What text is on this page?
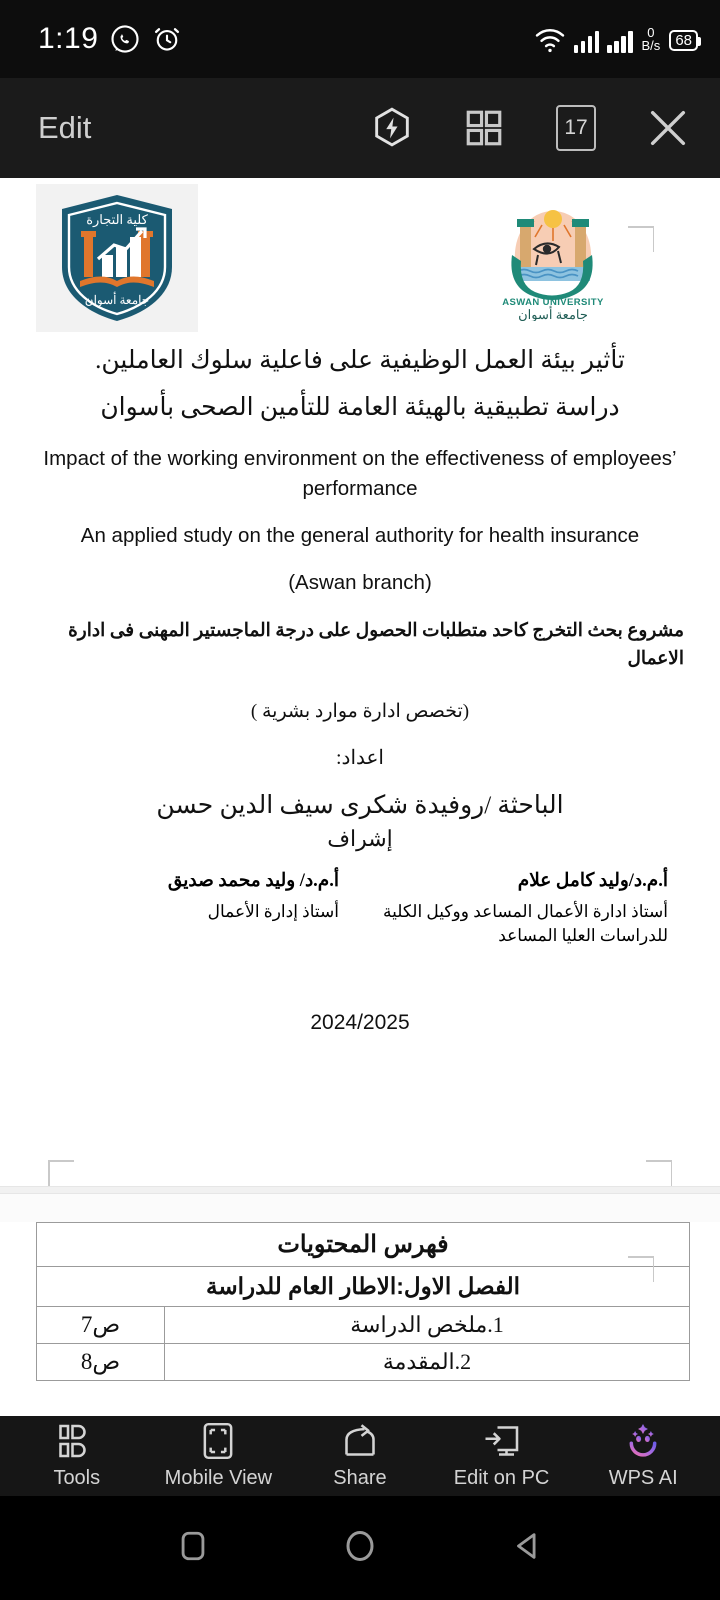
1:19	0
B/s	68
Edit	17
كلية التجارة
جامعة أسوان	ASWAN UNIVERSITY
جامعة أسوان
تأثير بيئة العمل الوظيفية على فاعلية سلوك العاملين.
دراسة تطبيقية بالهيئة العامة للتأمين الصحى بأسوان
Impact of the working environment on the effectiveness of employees’ performance
An applied study on the general authority for health insurance
(Aswan branch)
مشروع بحث التخرج كاحد متطلبات الحصول على درجة الماجستير المهنى فى ادارة الاعمال
(تخصص ادارة موارد بشرية )
اعداد:
الباحثة /روفيدة شكرى سيف الدين حسن
إشراف
أ.م.د/وليد كامل علام
أستاذ ادارة الأعمال المساعد ووكيل الكلية للدراسات العليا المساعد
أ.م.د/ وليد محمد صديق
أستاذ إدارة الأعمال
2024/2025
فهرس المحتويات	
الفصل الاول:الاطار العام للدراسة	
1.ملخص الدراسة	ص7
2.المقدمة	ص8
Tools	Mobile View	Share	Edit on PC	WPS AI
